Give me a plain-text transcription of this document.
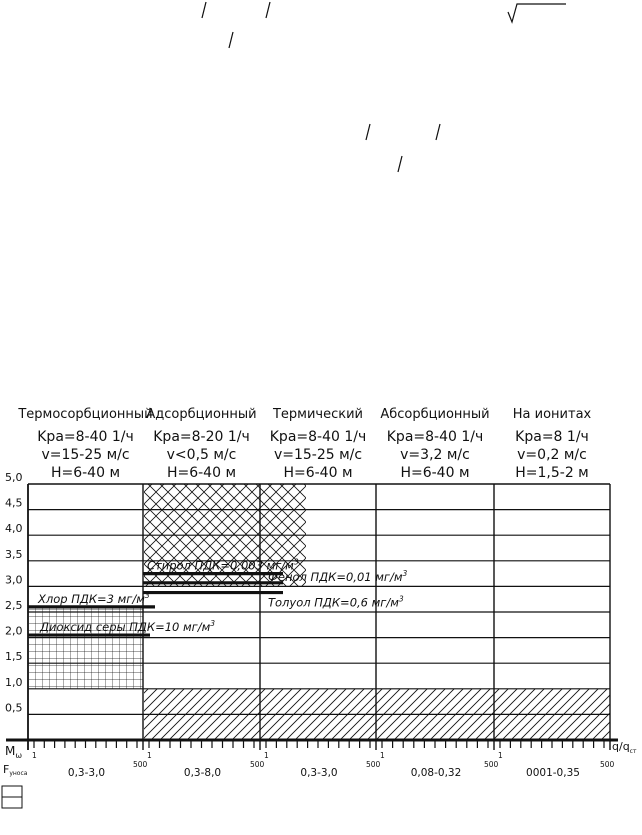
Термосорбционный
Kpa=8-40 1/ч
v=15-25 м/с
H=6-40 м
Адсорбционный
Kpa=8-20 1/ч
v<0,5 м/с
H=6-40 м
Термический
Kpa=8-40 1/ч
v=15-25 м/с
H=6-40 м
Абсорбционный
Kpa=8-40 1/ч
v=3,2 м/с
H=6-40 м
На ионитах
Kpa=8 1/ч
v=0,2 м/с
H=1,5-2 м
Стирол ПДК=0,003 $мг/м^3$
Фенол ПДК=0,01 $мг/м^3$
Толуол ПДК=0,6 $мг/м^3$
Хлор ПДК=3 $мг/м^3$
Диоксид серы ПДК=10 $мг/м^3$
0,5
1,0
1,5
2,0
2,5
3,0
3,5
4,0
4,5
5,0
$M_\omega$ 1
500
0,3-3,0
1
500
0,3-8,0
1
500
0,3-3,0
1
500
0,08-0,32
1
500
0001-0,35
$q/q_{ст}$
Fуноса
